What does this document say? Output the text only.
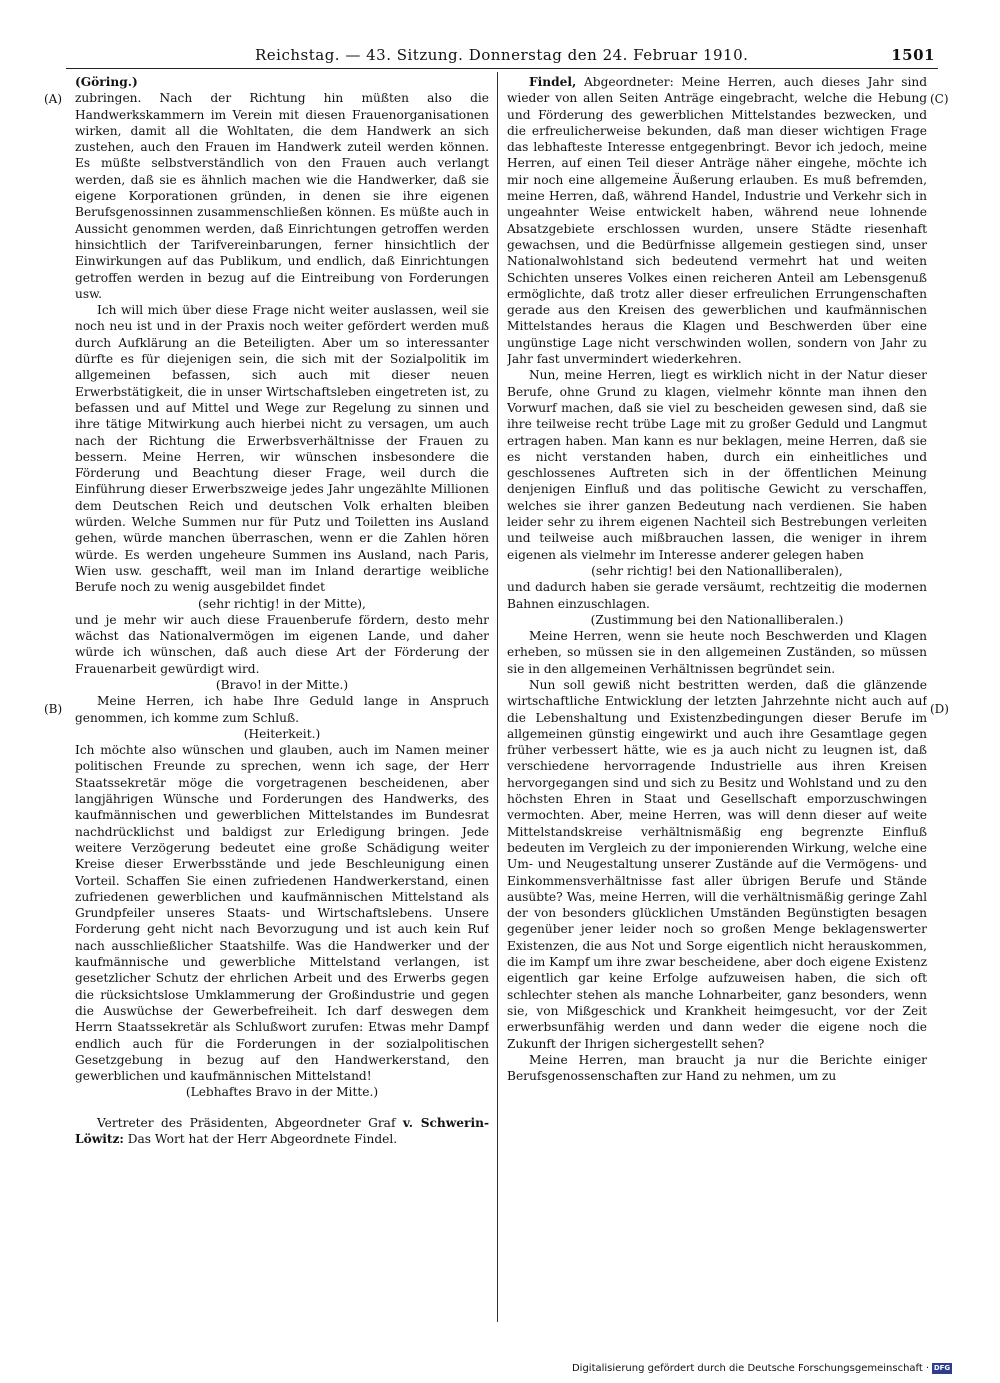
Reichstag. — 43. Sitzung. Donnerstag den 24. Februar 1910.	1501
(A)
(B)
(C)
(D)

(Göring.)

zubringen. Nach der Richtung hin müßten also die Handwerkskammern im Verein mit diesen Frauenorganisationen wirken, damit all die Wohltaten, die dem Handwerk an sich zustehen, auch den Frauen im Handwerk zuteil werden können. Es müßte selbstverständlich von den Frauen auch verlangt werden, daß sie es ähnlich machen wie die Handwerker, daß sie eigene Korporationen gründen, in denen sie ihre eigenen Berufsgenossinnen zusammenschließen können. Es müßte auch in Aussicht genommen werden, daß Einrichtungen getroffen werden hinsichtlich der Tarifvereinbarungen, ferner hinsichtlich der Einwirkungen auf das Publikum, und endlich, daß Einrichtungen getroffen werden in bezug auf die Eintreibung von Forderungen usw.

Ich will mich über diese Frage nicht weiter auslassen, weil sie noch neu ist und in der Praxis noch weiter gefördert werden muß durch Aufklärung an die Beteiligten. Aber um so interessanter dürfte es für diejenigen sein, die sich mit der Sozialpolitik im allgemeinen befassen, sich auch mit dieser neuen Erwerbstätigkeit, die in unser Wirtschaftsleben eingetreten ist, zu befassen und auf Mittel und Wege zur Regelung zu sinnen und ihre tätige Mitwirkung auch hierbei nicht zu versagen, um auch nach der Richtung die Erwerbsverhältnisse der Frauen zu bessern. Meine Herren, wir wünschen insbesondere die Förderung und Beachtung dieser Frage, weil durch die Einführung dieser Erwerbszweige jedes Jahr ungezählte Millionen dem Deutschen Reich und deutschen Volk erhalten bleiben würden. Welche Summen nur für Putz und Toiletten ins Ausland gehen, würde manchen überraschen, wenn er die Zahlen hören würde. Es werden ungeheure Summen ins Ausland, nach Paris, Wien usw. geschafft, weil man im Inland derartige weibliche Berufe noch zu wenig ausgebildet findet

(sehr richtig! in der Mitte),

und je mehr wir auch diese Frauenberufe fördern, desto mehr wächst das Nationalvermögen im eigenen Lande, und daher würde ich wünschen, daß auch diese Art der Förderung der Frauenarbeit gewürdigt wird.

(Bravo! in der Mitte.)

Meine Herren, ich habe Ihre Geduld lange in Anspruch genommen, ich komme zum Schluß.

(Heiterkeit.)

Ich möchte also wünschen und glauben, auch im Namen meiner politischen Freunde zu sprechen, wenn ich sage, der Herr Staatssekretär möge die vorgetragenen bescheidenen, aber langjährigen Wünsche und Forderungen des Handwerks, des kaufmännischen und gewerblichen Mittelstandes im Bundesrat nachdrücklichst und baldigst zur Erledigung bringen. Jede weitere Verzögerung bedeutet eine große Schädigung weiter Kreise dieser Erwerbsstände und jede Beschleunigung einen Vorteil. Schaffen Sie einen zufriedenen Handwerkerstand, einen zufriedenen gewerblichen und kaufmännischen Mittelstand als Grundpfeiler unseres Staats- und Wirtschaftslebens. Unsere Forderung geht nicht nach Bevorzugung und ist auch kein Ruf nach ausschließlicher Staatshilfe. Was die Handwerker und der kaufmännische und gewerbliche Mittelstand verlangen, ist gesetzlicher Schutz der ehrlichen Arbeit und des Erwerbs gegen die rücksichtslose Umklammerung der Großindustrie und gegen die Auswüchse der Gewerbefreiheit. Ich darf deswegen dem Herrn Staatssekretär als Schlußwort zurufen: Etwas mehr Dampf endlich auch für die Forderungen in der sozialpolitischen Gesetzgebung in bezug auf den Handwerkerstand, den gewerblichen und kaufmännischen Mittelstand!

(Lebhaftes Bravo in der Mitte.)

Vertreter des Präsidenten, Abgeordneter Graf v. Schwerin-Löwitz: Das Wort hat der Herr Abgeordnete Findel.

Findel, Abgeordneter: Meine Herren, auch dieses Jahr sind wieder von allen Seiten Anträge eingebracht, welche die Hebung und Förderung des gewerblichen Mittelstandes bezwecken, und die erfreulicherweise bekunden, daß man dieser wichtigen Frage das lebhafteste Interesse entgegenbringt. Bevor ich jedoch, meine Herren, auf einen Teil dieser Anträge näher eingehe, möchte ich mir noch eine allgemeine Äußerung erlauben. Es muß befremden, meine Herren, daß, während Handel, Industrie und Verkehr sich in ungeahnter Weise entwickelt haben, während neue lohnende Absatzgebiete erschlossen wurden, unsere Städte riesenhaft gewachsen, und die Bedürfnisse allgemein gestiegen sind, unser Nationalwohlstand sich bedeutend vermehrt hat und weiten Schichten unseres Volkes einen reicheren Anteil am Lebensgenuß ermöglichte, daß trotz aller dieser erfreulichen Errungenschaften gerade aus den Kreisen des gewerblichen und kaufmännischen Mittelstandes heraus die Klagen und Beschwerden über eine ungünstige Lage nicht verschwinden wollen, sondern von Jahr zu Jahr fast unvermindert wiederkehren.

Nun, meine Herren, liegt es wirklich nicht in der Natur dieser Berufe, ohne Grund zu klagen, vielmehr könnte man ihnen den Vorwurf machen, daß sie viel zu bescheiden gewesen sind, daß sie ihre teilweise recht trübe Lage mit zu großer Geduld und Langmut ertragen haben. Man kann es nur beklagen, meine Herren, daß sie es nicht verstanden haben, durch ein einheitliches und geschlossenes Auftreten sich in der öffentlichen Meinung denjenigen Einfluß und das politische Gewicht zu verschaffen, welches sie ihrer ganzen Bedeutung nach verdienen. Sie haben leider sehr zu ihrem eigenen Nachteil sich Bestrebungen verleiten und teilweise auch mißbrauchen lassen, die weniger in ihrem eigenen als vielmehr im Interesse anderer gelegen haben

(sehr richtig! bei den Nationalliberalen),

und dadurch haben sie gerade versäumt, rechtzeitig die modernen Bahnen einzuschlagen.

(Zustimmung bei den Nationalliberalen.)

Meine Herren, wenn sie heute noch Beschwerden und Klagen erheben, so müssen sie in den allgemeinen Zuständen, so müssen sie in den allgemeinen Verhältnissen begründet sein.

Nun soll gewiß nicht bestritten werden, daß die glänzende wirtschaftliche Entwicklung der letzten Jahrzehnte nicht auch auf die Lebenshaltung und Existenzbedingungen dieser Berufe im allgemeinen günstig eingewirkt und auch ihre Gesamtlage gegen früher verbessert hätte, wie es ja auch nicht zu leugnen ist, daß verschiedene hervorragende Industrielle aus ihren Kreisen hervorgegangen sind und sich zu Besitz und Wohlstand und zu den höchsten Ehren in Staat und Gesellschaft emporzuschwingen vermochten. Aber, meine Herren, was will denn dieser auf weite Mittelstandskreise verhältnismäßig eng begrenzte Einfluß bedeuten im Vergleich zu der imponierenden Wirkung, welche eine Um- und Neugestaltung unserer Zustände auf die Vermögens- und Einkommensverhältnisse fast aller übrigen Berufe und Stände ausübte? Was, meine Herren, will die verhältnismäßig geringe Zahl der von besonders glücklichen Umständen Begünstigten besagen gegenüber jener leider noch so großen Menge beklagenswerter Existenzen, die aus Not und Sorge eigentlich nicht herauskommen, die im Kampf um ihre zwar bescheidene, aber doch eigene Existenz eigentlich gar keine Erfolge aufzuweisen haben, die sich oft schlechter stehen als manche Lohnarbeiter, ganz besonders, wenn sie, von Mißgeschick und Krankheit heimgesucht, vor der Zeit erwerbsunfähig werden und dann weder die eigene noch die Zukunft der Ihrigen sichergestellt sehen?

Meine Herren, man braucht ja nur die Berichte einiger Berufsgenossenschaften zur Hand zu nehmen, um zu

Digitalisierung gefördert durch die Deutsche Forschungsgemeinschaft · DFG
